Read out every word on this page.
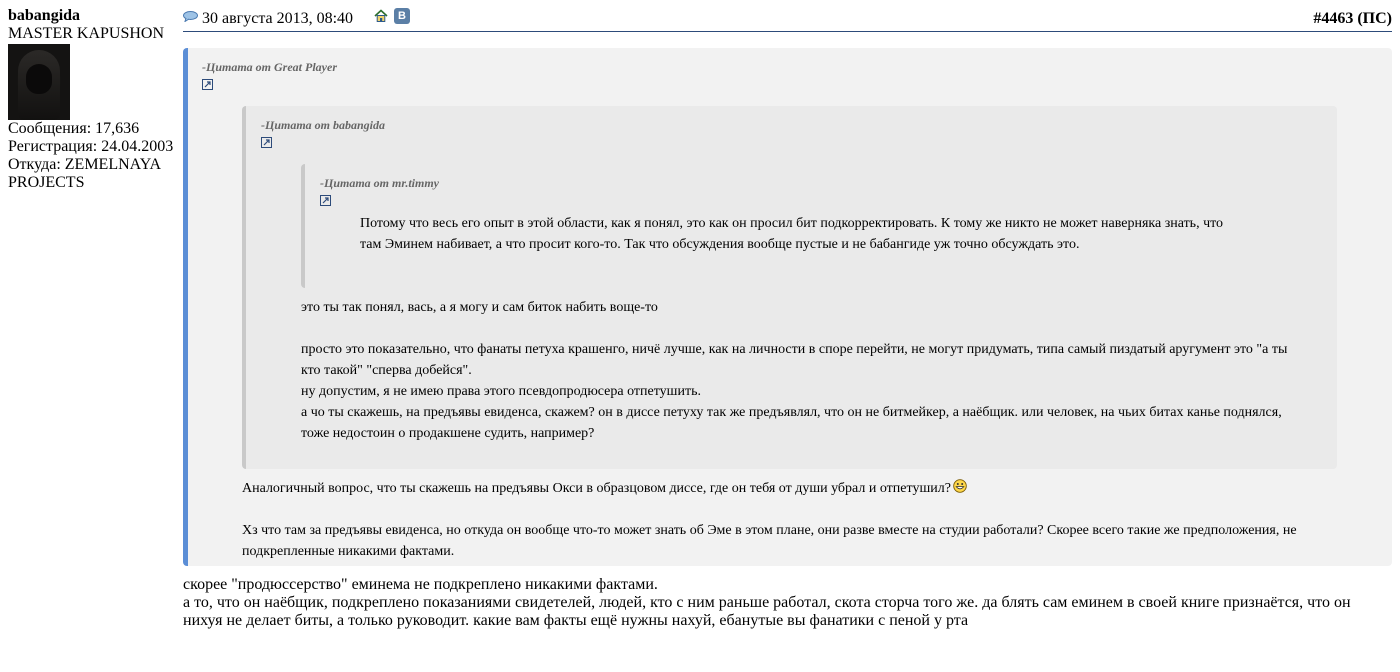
babangida
MASTER KAPUSHON
Сообщения: 17,636
Регистрация: 24.04.2003
Откуда: ZEMELNAYA PROJECTS
30 августа 2013, 08:40	В	#4463 (ПС)
-Цитата от Great Player
-Цитата от babangida
-Цитата от mr.timmy
Потому что весь его опыт в этой области, как я понял, это как он просил бит подкорректировать. К тому же никто не может наверняка знать, что там Эминем набивает, а что просит кого-то. Так что обсуждения вообще пустые и не бабангиде уж точно обсуждать это.
это ты так понял, вась, а я могу и сам биток набить воще-то
просто это показательно, что фанаты петуха крашенго, ничё лучше, как на личности в споре перейти, не могут придумать, типа самый пиздатый аругумент это "а ты кто такой" "сперва добейся".
ну допустим, я не имею права этого псевдопродюсера отпетушить.
а чо ты скажешь, на предъявы евиденса, скажем? он в диссе петуху так же предъявлял, что он не битмейкер, а наёбщик. или человек, на чьих битах канье поднялся, тоже недостоин о продакшене судить, например?
Аналогичный вопрос, что ты скажешь на предъявы Окси в образцовом диссе, где он тебя от души убрал и отпетушил?
Хз что там за предъявы евиденса, но откуда он вообще что-то может знать об Эме в этом плане, они разве вместе на студии работали? Скорее всего такие же предположения, не подкрепленные никакими фактами.
скорее "продюссерство" еминема не подкреплено никакими фактами.
а то, что он наёбщик, подкреплено показаниями свидетелей, людей, кто с ним раньше работал, скота сторча того же. да блять сам еминем в своей книге признаётся, что он нихуя не делает биты, а только руководит. какие вам факты ещё нужны нахуй, ебанутые вы фанатики с пеной у рта
